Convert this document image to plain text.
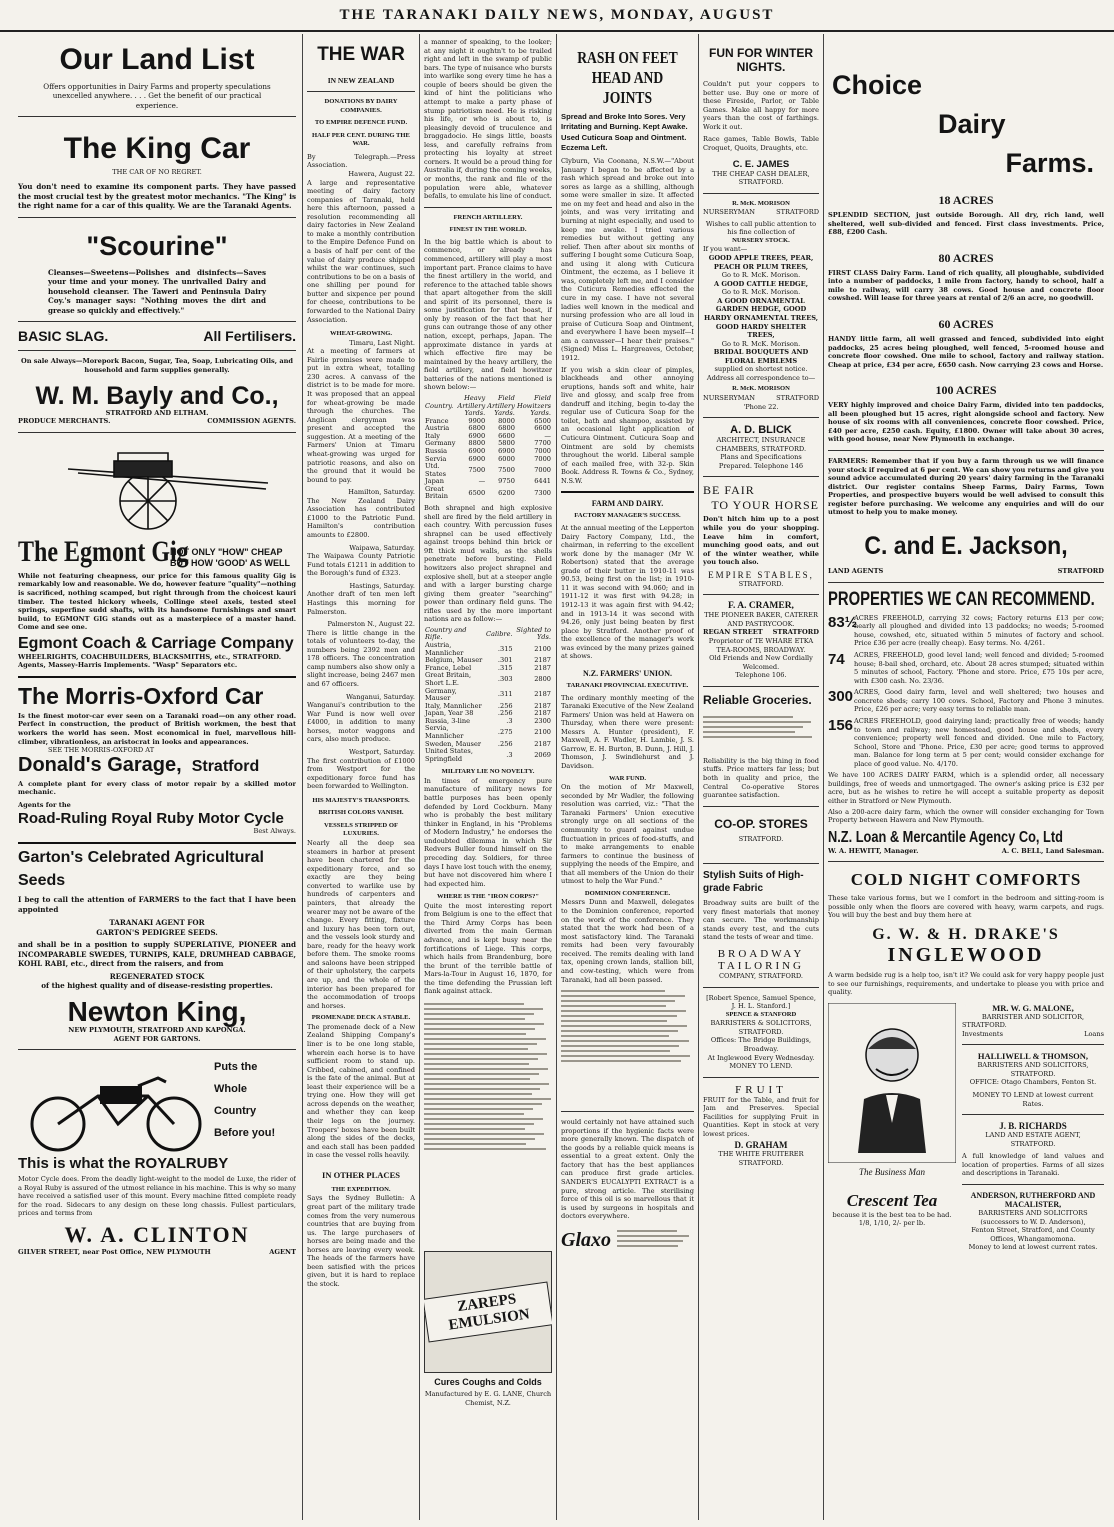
THE TARANAKI DAILY NEWS, MONDAY, AUGUST
Our Land List
Offers opportunities in Dairy Farms and property speculations unexcelled anywhere. . . . Get the benefit of our practical experience.
The King Car
THE CAR OF NO REGRET.
You don't need to examine its component parts. They have passed the most crucial test by the greatest motor mechanics. "The King" is the right name for a car of this quality. We are the Taranaki Agents.
"Scourine"
Cleanses—Sweetens—Polishes and disinfects—Saves your time and your money. The unrivalled Dairy and household cleanser. The Taweri and Peninsula Dairy Coy.'s manager says: "Nothing moves the dirt and grease so quickly and effectively."
BASIC SLAG.	All Fertilisers.
On sale Always—Morepork Bacon, Sugar, Tea, Soap, Lubricating Oils, and household and farm supplies generally.
W. M. Bayly and Co.,
STRATFORD AND ELTHAM.
PRODUCE MERCHANTS.	COMMISSION AGENTS.
The Egmont Gig
NOT ONLY "HOW" CHEAP
BUT HOW 'GOOD' AS WELL
While not featuring cheapness, our price for this famous quality Gig is remarkably low and reasonable. We do, however feature "quality"—nothing is sacrificed, nothing scamped, but right through from the choicest kauri timber. The tested hickory wheels, Collinge steel axels, tested steel springs, superfine sudd shafts, with its handsome furnishings and smart build, to EGMONT GIG stands out as a masterpiece of a master hand. Come and see one.
Egmont Coach & Carriage Company
WHEELRIGHTS, COACHBUILDERS, BLACKSMITHS, etc., STRATFORD.
Agents, Massey-Harris Implements. "Wasp" Separators etc.
The Morris-Oxford Car
Is the finest motor-car ever seen on a Taranaki road—on any other road. Perfect in construction, the product of British workmen, the best that workers the world has seen. Most economical in fuel, marvellous hill-climber, vibrationless, an aristocrat in looks and appearances.
SEE THE MORRIS-OXFORD AT
Donald's Garage, Stratford
A complete plant for every class of motor repair by a skilled motor mechanic.
Agents for the
Road-Ruling Royal Ruby Motor Cycle
Best Always.
Garton's Celebrated Agricultural
Seeds
I beg to call the attention of FARMERS to the fact that I have been appointed
TARANAKI AGENT FOR
GARTON'S PEDIGREE SEEDS.
and shall be in a position to supply SUPERLATIVE, PIONEER and INCOMPARABLE SWEDES, TURNIPS, KALE, DRUMHEAD CABBAGE, KOHL RABI, etc., direct from the raisers, and from
REGENERATED STOCK
of the highest quality and of disease-resisting properties.
Newton King,
NEW PLYMOUTH, STRATFORD AND KAPONGA.
AGENT FOR GARTONS.
Puts the
Whole
Country
Before you!
This is what the ROYALRUBY
Motor Cycle does. From the deadly light-weight to the model de Luxe, the rider of a Royal Ruby is assured of the utmost reliance in his machine. This is why so many have received a satisfied user of this mount. Every machine fitted complete ready for the road. Sidecars to any design on these long chassis. Fullest particulars, prices and terms from
W. A. CLINTON
GILVER STREET, near Post Office, NEW PLYMOUTH	AGENT
THE WAR
IN NEW ZEALAND
DONATIONS BY DAIRY COMPANIES.
TO EMPIRE DEFENCE FUND.
HALF PER CENT. DURING THE WAR.
By Telegraph.—Press Association.
Hawera, August 22.
A large and representative meeting of dairy factory companies of Taranaki, held here this afternoon, passed a resolution recommending all dairy factories in New Zealand to make a monthly contribution to the Empire Defence Fund on a basis of half per cent of the value of dairy produce shipped whilst the war continues, such contributions to be on a basis of one shilling per pound for butter and sixpence per pound for cheese, contributions to be forwarded to the National Dairy Association.
WHEAT-GROWING.
Timaru, Last Night.
At a meeting of farmers at Fairlie promises were made to put in extra wheat, totalling 230 acres. A canvass of the district is to be made for more. It was proposed that an appeal for wheat-growing be made through the churches. The Anglican clergyman was present and accepted the suggestion. At a meeting of the Farmers' Union at Timaru wheat-growing was urged for patriotic reasons, and also on the ground that it would be bound to pay.
Hamilton, Saturday.
The New Zealand Dairy Association has contributed £1000 to the Patriotic Fund. Hamilton's contribution amounts to £2800.
Waipawa, Saturday.
The Waipawa County Patriotic Fund totals £1211 in addition to the Borough's fund of £323.
Hastings, Saturday.
Another draft of ten men left Hastings this morning for Palmerston.
Palmerston N., August 22.
There is little change in the totals of volunteers to-day, the numbers being 2392 men and 178 officers. The concentration camp numbers also show only a slight increase, being 2467 men and 67 officers.
Wanganui, Saturday.
Wanganui's contribution to the War Fund is now well over £4000, in addition to many horses, motor waggons and cars, also much produce.
Westport, Saturday.
The first contribution of £1000 from Westport for the expeditionary force fund has been forwarded to Wellington.
HIS MAJESTY'S TRANSPORTS.
BRITISH COLORS VANISH.
VESSELS STRIPPED OF LUXURIES.
Nearly all the deep sea steamers in harbor at present have been chartered for the expeditionary force, and so exactly are they being converted to warlike use by hundreds of carpenters and painters, that already the wearer may not be aware of the change. Every fitting, fixture and luxury has been torn out, and the vessels look sturdy and bare, ready for the heavy work before them. The smoke rooms and saloons have been stripped of their upholstery, the carpets are up, and the whole of the interior has been prepared for the accommodation of troops and horses.
PROMENADE DECK A STABLE.
The promenade deck of a New Zealand Shipping Company's liner is to be one long stable, wherein each horse is to have sufficient room to stand up. Cribbed, cabined, and confined is the fate of the animal. But at least their experience will be a trying one. How they will get across depends on the weather, and whether they can keep their legs on the journey. Troopers' boxes have been built along the sides of the decks, and each stall has been padded in case the vessel rolls heavily.
IN OTHER PLACES
THE EXPEDITION.
Says the Sydney Bulletin: A great part of the military trade comes from the very numerous countries that are buying from us. The large purchasers of horses are being made and the horses are leaving every week. The heads of the farmers have been satisfied with the prices given, but it is hard to replace the stock.
a manner of speaking, to the looker; at any night it oughtn't to be trailed right and left in the swamp of public bars. The type of nuisance who bursts into warlike song every time he has a couple of beers should be given the kind of hint the politicians who attempt to make a party phase of stump patriotism need. He is risking his life, or who is about to, is pleasingly devoid of truculence and braggadocio. He sings little, boasts less, and carefully refrains from protecting his loyalty at street corners. It would be a proud thing for Australia if, during the coming weeks, or months, the rank and file of the population were able, whatever befalls, to emulate his line of conduct.
FRENCH ARTILLERY.
FINEST IN THE WORLD.
In the big battle which is about to commence, or already has commenced, artillery will play a most important part. France claims to have the finest artillery in the world, and reference to the attached table shows that apart altogether from the skill and spirit of its personnel, there is some justification for that boast, if only by reason of the fact that her guns can outrange those of any other nation, except, perhaps, Japan. The approximate distance in yards at which effective fire may be maintained by the heavy artillery, the field artillery, and field howitzer batteries of the nations mentioned is shown below:—
Country.	Heavy Artillery Yards.	Field Artillery Yards.	Field Howitzers Yards.
France	9900	8000	6500
Austria	6800	6800	6600
Italy	6900	6600	—
Germany	8800	5800	7700
Russia	6900	6900	7000
Servia	6900	6000	7000
Utd. States	7500	7500	7000
Japan	—	9750	6441
Great Britain	6500	6200	7300
Both shrapnel and high explosive shell are fired by the field artillery in each country. With percussion fuses shrapnel can be used effectively against troops behind thin brick or 9ft thick mud walls, as the shells penetrate before bursting. Field howitzers also project shrapnel and explosive shell, but at a steeper angle and with a larger bursting charge giving them greater "searching" power than ordinary field guns. The rifles used by the more important nations are as follow:—
Country and Rifle.	Calibre.	Sighted to Yds.
Austria, Mannlicher	.315	2100
Belgium, Mauser	.301	2187
France, Lebel	.315	2187
Great Britain, Short L.E.	.303	2800
Germany, Mauser	.311	2187
Italy, Mannlicher	.256	2187
Japan, Year 38	.256	2187
Russia, 3-line	.3	2300
Servia, Mannlicher	.275	2100
Sweden, Mauser	.256	2187
United States, Springfield	.3	2069
MILITARY LIE NO NOVELTY.
In times of emergency pure manufacture of military news for battle purposes has been openly defended by Lord Cockburn. Many who is probably the best military thinker in England, in his "Problems of Modern Industry," he endorses the undoubted dilemma in which Sir Redvers Buller found himself on the preceding day. Soldiers, for three days I have lost touch with the enemy, but have not discovered him where I had expected him.
WHERE IS THE "IRON CORPS?"
Quite the most interesting report from Belgium is one to the effect that the Third Army Corps has been diverted from the main German advance, and is kept busy near the fortifications of Liege. This corps, which hails from Brandenburg, bore the brunt of the terrible battle of Mars-la-Tour in August 16, 1870, for the time defending the Prussian left flank against attack.
ZAREPS EMULSION
Cures Coughs and Colds
Manufactured by E. G. LANE, Church Chemist, N.Z.
RASH ON FEET
HEAD AND JOINTS
Spread and Broke Into Sores. Very Irritating and Burning. Kept Awake. Used Cuticura Soap and Ointment. Eczema Left.
Clyburn, Via Coonana, N.S.W.—"About January I began to be affected by a rash which spread and broke out into sores as large as a shilling, although some were smaller in size. It affected me on my feet and head and also in the joints, and was very irritating and burning at night especially, and used to keep me awake. I tried various remedies but without getting any relief. Then after about six months of suffering I bought some Cuticura Soap, and using it along with Cuticura Ointment, the eczema, as I believe it was, completely left me, and I consider the Cuticura Remedies effected the cure in my case. I have not several ladies well known in the medical and nursing profession who are all loud in praise of Cuticura Soap and Ointment, and everywhere I have been myself—I am a canvasser—I hear their praises." (Signed) Miss L. Hargreaves, October, 1912.
If you wish a skin clear of pimples, blackheads and other annoying eruptions, hands soft and white, hair live and glossy, and scalp free from dandruff and itching, begin to-day the regular use of Cuticura Soap for the toilet, bath and shampoo, assisted by an occasional light application of Cuticura Ointment. Cuticura Soap and Ointment are sold by chemists throughout the world. Liberal sample of each mailed free, with 32-p. Skin Book. Address R. Towns & Co., Sydney, N.S.W.
FARM AND DAIRY.
FACTORY MANAGER'S SUCCESS.
At the annual meeting of the Lepperton Dairy Factory Company, Ltd., the chairman, in referring to the excellent work done by the manager (Mr W. Robertson) stated that the average grade of their butter in 1910-11 was 90.53, being first on the list; in 1910-11 it was second with 94.060; and in 1911-12 it was first with 94.28; in 1912-13 it was again first with 94.42; and in 1913-14 it was second with 94.26, only just being beaten by first place by Stratford. Another proof of the excellence of the manager's work was evinced by the many prizes gained at shows.
N.Z. FARMERS' UNION.
TARANAKI PROVINCIAL EXECUTIVE.
The ordinary monthly meeting of the Taranaki Executive of the New Zealand Farmers' Union was held at Hawera on Thursday, when there were present: Messrs A. Hunter (president), F. Maxwell, A. F. Wadler, H. Lambie, J. S. Garrow, E. H. Burton, B. Dunn, J. Hill, J. Thomson, J. Swindlehurst and J. Davidson.
WAR FUND.
On the motion of Mr Maxwell, seconded by Mr Wadler, the following resolution was carried, viz.: "That the Taranaki Farmers' Union executive strongly urge on all sections of the community to guard against undue fluctuation in prices of food-stuffs, and to make arrangements to enable farmers to continue the business of supplying the needs of the Empire, and that all members of the Union do their utmost to help the War Fund."
DOMINION CONFERENCE.
Messrs Dunn and Maxwell, delegates to the Dominion conference, reported on the work of the conference. They stated that the work had been of a most satisfactory kind. The Taranaki remits had been very favourably received. The remits dealing with land tax, opening crown lands, stallion bill, and cow-testing, which were from Taranaki, had all been passed.
would certainly not have attained such proportions if the hygienic facts were more generally known. The dispatch of the goods by a reliable quick means is essential to a great extent. Only the factory that has the best appliances can produce first grade articles. SANDER'S EUCALYPTI EXTRACT is a pure, strong article. The sterilising force of this oil is so marvellous that it is used by surgeons in hospitals and doctors everywhere.
Glaxo
FUN FOR WINTER NIGHTS.
Couldn't put your coppers to better use. Buy one or more of these Fireside, Parlor, or Table Games. Make all happy for more years than the cost of farthings. Work it out.
Race games, Table Bowls, Table Croquet, Quoits, Draughts, etc.
C. E. JAMES
THE CHEAP CASH DEALER,
STRATFORD.
R. McK. MORISON
NURSERYMAN	STRATFORD
Wishes to call public attention to his fine collection of
NURSERY STOCK.
If you want—
GOOD APPLE TREES, PEAR, PEACH OR PLUM TREES,
Go to R. McK. Morison.
A GOOD CATTLE HEDGE,
Go to R. McK. Morison.
A GOOD ORNAMENTAL GARDEN HEDGE, GOOD HARDY ORNAMENTAL TREES, GOOD HARDY SHELTER TREES,
Go to R. McK. Morison.
BRIDAL BOUQUETS AND FLORAL EMBLEMS
supplied on shortest notice. Address all correspondence to—
R. McK. MORISON
NURSERYMAN	STRATFORD
'Phone 22.
A. D. BLICK
ARCHITECT, INSURANCE CHAMBERS, STRATFORD.
Plans and Specifications Prepared. Telephone 146
BE FAIR
TO YOUR HORSE
Don't hitch him up to a post while you do your shopping. Leave him in comfort, munching good oats, and out of the winter weather, while you touch also.
EMPIRE STABLES,
STRATFORD.
F. A. CRAMER,
THE PIONEER BAKER, CATERER AND PASTRYCOOK.
REGAN STREET STRATFORD
Proprietor of TE WHARE ETKA TEA-ROOMS, BROADWAY.
Old Friends and New Cordially Welcomed.
Telephone 106.
Reliable Groceries.
Reliability is the big thing in food stuffs. Price matters far less; but both in quality and price, the Central Co-operative Stores guarantee satisfaction.
CO-OP. STORES
STRATFORD.
Stylish Suits of High-grade Fabric
Broadway suits are built of the very finest materials that money can secure. The workmanship stands every test, and the cuts stand the tests of wear and time.
BROADWAY
TAILORING
COMPANY, STRATFORD.
[Robert Spence, Samuel Spence, J. H. L. Stanford.]
SPENCE & STANFORD
BARRISTERS & SOLICITORS, STRATFORD.
Offices: The Bridge Buildings, Broadway.
At Inglewood Every Wednesday.
MONEY TO LEND.
FRUIT
FRUIT for the Table, and fruit for Jam and Preserves. Special Facilities for supplying Fruit in Quantities. Kept in stock at very lowest prices.
D. GRAHAM
THE WHITE FRUITERER
STRATFORD.
Choice
Dairy
Farms.
18 ACRES
SPLENDID SECTION, just outside Borough. All dry, rich land, well sheltered, well sub-divided and fenced. First class investments. Price, £88, £200 Cash.
80 ACRES
FIRST CLASS Dairy Farm. Land of rich quality, all ploughable, subdivided into a number of paddocks, 1 mile from factory, handy to school, half a mile to railway, will carry 38 cows. Good house and concrete floor cowshed. Will lease for three years at rental of 2/6 an acre, no goodwill.
60 ACRES
HANDY little farm, all well grassed and fenced, subdivided into eight paddocks, 25 acres being ploughed, well fenced, 5-roomed house and concrete floor cowshed. One mile to school, factory and railway station. Cheap at price, £34 per acre, £650 cash. Now carrying 23 cows and Horse.
100 ACRES
VERY highly improved and choice Dairy Farm, divided into ten paddocks, all been ploughed but 15 acres, right alongside school and factory. New house of six rooms with all conveniences, concrete floor cowshed. Price, £40 per acre, £250 cash. Equity, £1800. Owner will take about 30 acres, with good house, near New Plymouth in exchange.
FARMERS: Remember that if you buy a farm through us we will finance your stock if required at 6 per cent. We can show you returns and give you sound advice accumulated during 20 years' dairy farming in the Taranaki district. Our register contains Sheep Farms, Dairy Farms, Town Properties, and prospective buyers would be well advised to consult this register before purchasing. We welcome any enquiries and will do our utmost to help you to make money.
C. and E. Jackson,
LAND AGENTS	STRATFORD
PROPERTIES WE CAN RECOMMEND.
83½
ACRES FREEHOLD, carrying 32 cows; Factory returns £13 per cow; nearly all ploughed and divided into 13 paddocks; no weeds; 5-roomed house, cowshed, etc, situated within 5 minutes of factory and school. Price £36 per acre (really cheap). Easy terms. No. 4/261.
74	ACRES, FREEHOLD, good level land; well fenced and divided; 5-roomed house; 8-bail shed, orchard, etc. About 28 acres stumped; situated within 5 minutes of school, Factory. 'Phone and store. Price, £75 10s per acre, with £300 cash. No. 23/36.
300 ACRES, Good dairy farm, level and well sheltered; two houses and concrete sheds; carry 100 cows. School, Factory and Phone 3 minutes. Price, £26 per acre; very easy terms to reliable man.
156 ACRES FREEHOLD, good dairying land; practically free of weeds; handy to town and railway; new homestead, good house and sheds, every convenience; property well fenced and divided. One mile to Factory, School, Store and 'Phone. Price, £30 per acre; good terms to approved man. Balance for long term at 5 per cent; would consider exchange for place of good value. No. 4/170.
We have 100 ACRES DAIRY FARM, which is a splendid order, all necessary buildings, free of weeds and unmortgaged. The owner's asking price is £32 per acre, but as he wishes to retire he will accept a suitable property as deposit either in Stratford or New Plymouth.
Also a 200-acre dairy farm, which the owner will consider exchanging for Town Property between Hawera and New Plymouth.
N.Z. Loan & Mercantile Agency Co, Ltd
W. A. HEWITT, Manager.	A. C. BELL, Land Salesman.
COLD NIGHT COMFORTS
These take various forms, but we I comfort in the bedroom and sitting-room is possible only when the floors are covered with heavy, warm carpets, and rugs. You will buy the best and buy them here at
G. W. & H. DRAKE'S
INGLEWOOD
A warm bedside rug is a help too, isn't it? We could ask for very happy people just to see our furnishings, requirements, and undertake to please you with price and quality.
The Business Man
Crescent Tea
because it is the best tea to be had.
1/8, 1/10, 2/- per lb.
MR. W. G. MALONE,
BARRISTER AND SOLICITOR,
STRATFORD.
Investments	Loans
HALLIWELL & THOMSON,
BARRISTERS AND SOLICITORS, STRATFORD.
OFFICE: Otago Chambers, Fenton St.
MONEY TO LEND at lowest current Rates.
J. B. RICHARDS
LAND AND ESTATE AGENT, STRATFORD.
A full knowledge of land values and location of properties. Farms of all sizes and descriptions in Taranaki.
ANDERSON, RUTHERFORD AND MACALISTER,
BARRISTERS AND SOLICITORS (successors to W. D. Anderson),
Fenton Street, Stratford, and County Offices, Whangamomona.
Money to lend at lowest current rates.
